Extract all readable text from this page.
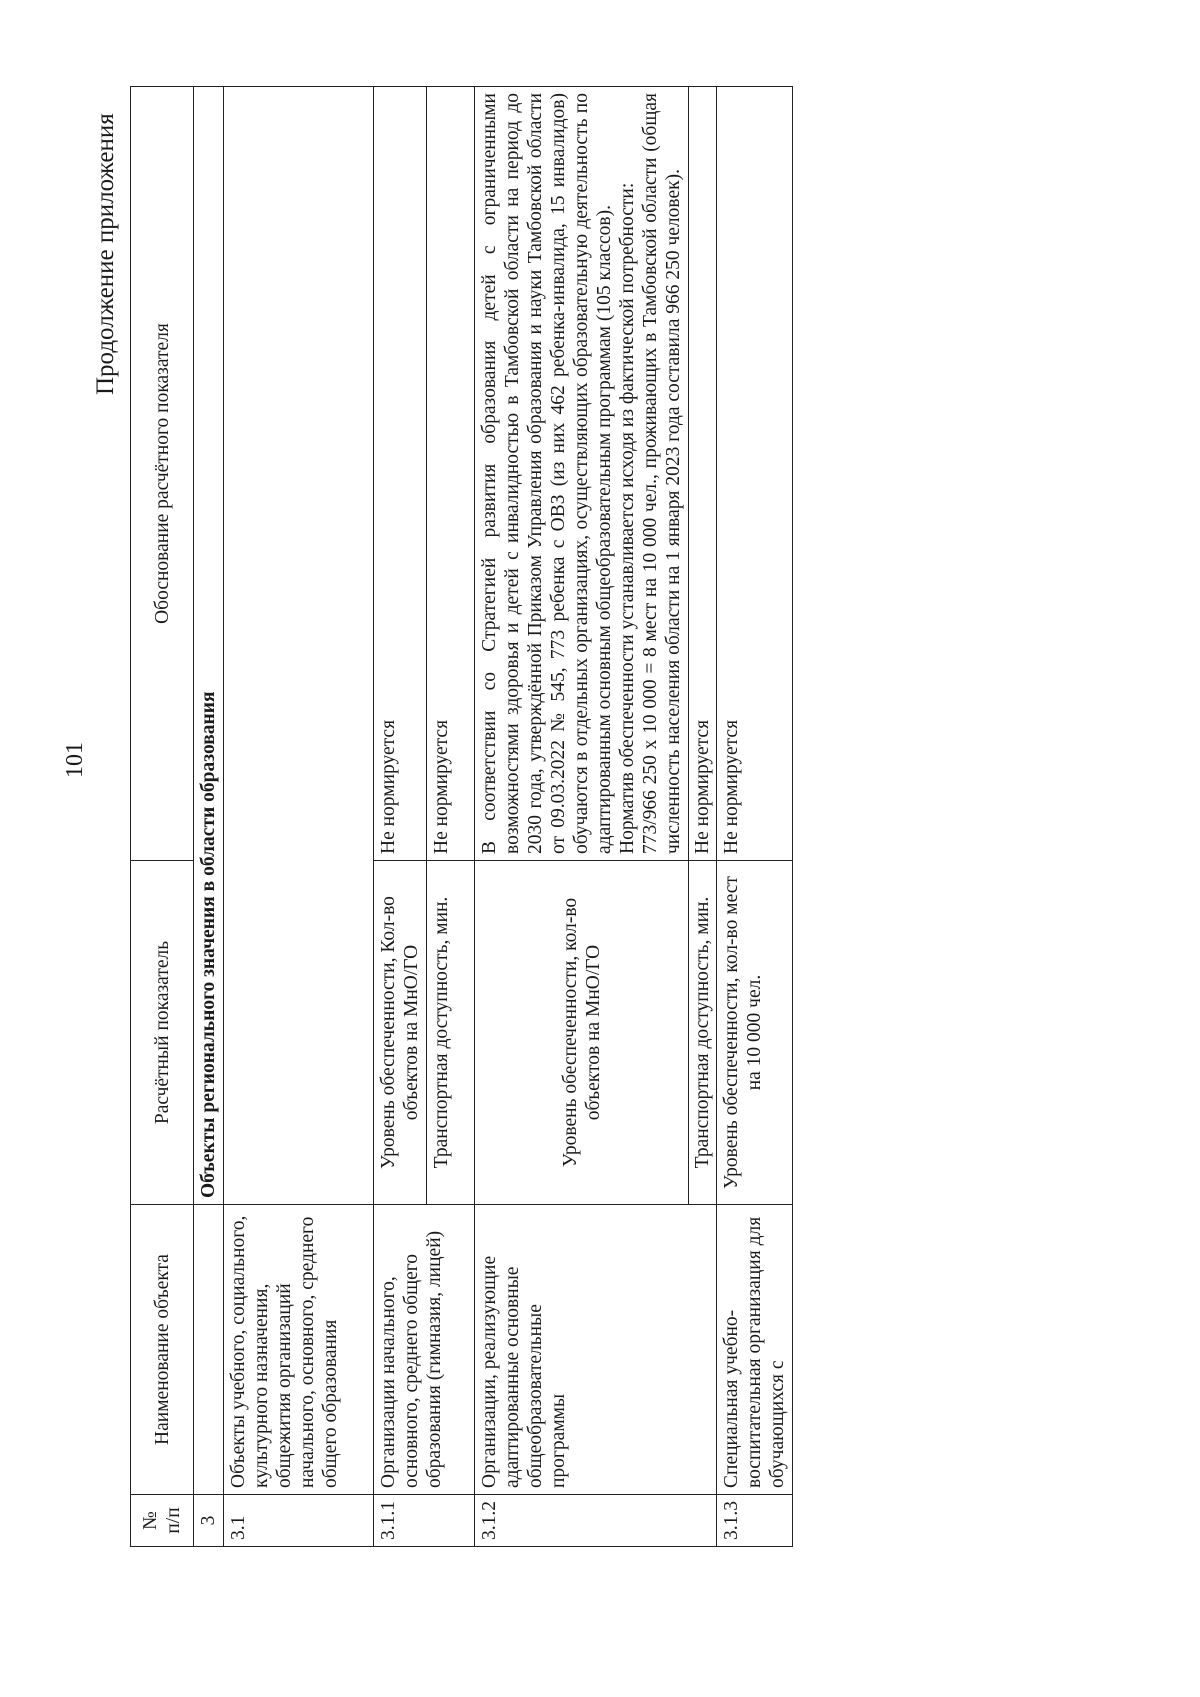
101
Продолжение приложения
№
п/п	Наименование объекта	Расчётный показатель	Обоснование расчётного показателя
3		Объекты регионального значения в области образования	
3.1	Объекты учебного, социального, культурного назначения, общежития организаций начального, основного, среднего общего образования		
3.1.1	Организации начального, основного, среднего общего образования (гимназия, лицей)	Уровень обеспеченности, Кол-во объектов на МнО/ГО	Не нормируется
		Транспортная доступность, мин.	Не нормируется
3.1.2	Организации, реализующие адаптированные основные общеобразовательные программы	Уровень обеспеченности, кол-во объектов на МнО/ГО	В соответствии со Стратегией развития образования детей с ограниченными возможностями здоровья и детей с инвалидностью в Тамбовской области на период до 2030 года, утверждённой Приказом Управления образования и науки Тамбовской области от 09.03.2022 № 545, 773 ребенка с ОВЗ (из них 462 ребенка-инвалида, 15 инвалидов) обучаются в отдельных организациях, осуществляющих образовательную деятельность по адаптированным основным общеобразовательным программам (105 классов). Норматив обеспеченности устанавливается исходя из фактической потребности: 773/966 250 х 10 000 = 8 мест на 10 000 чел., проживающих в Тамбовской области (общая численность населения области на 1 января 2023 года составила 966 250 человек).

		Транспортная доступность, мин.	Не нормируется
3.1.3	Специальная учебно-воспитательная организация для обучающихся с	Уровень обеспеченности, кол-во мест на 10 000 чел.	Не нормируется
